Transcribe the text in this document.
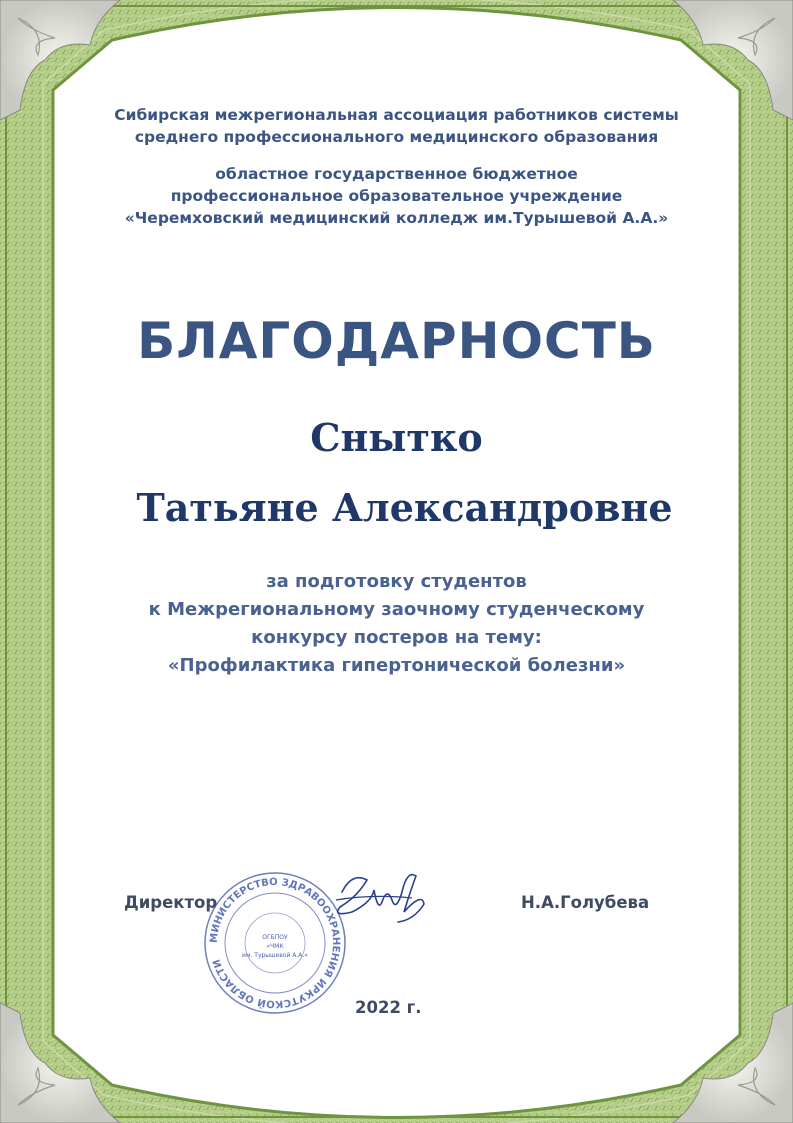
Сибирская межрегиональная ассоциация работников системы
среднего профессионального медицинского образования

областное государственное бюджетное
профессиональное образовательное учреждение
«Черемховский медицинский колледж им.Турышевой А.А.»

БЛАГОДАРНОСТЬ

Снытко

Татьяне Александровне

за подготовку студентов
к Межрегиональному заочному студенческому
конкурсу постеров на тему:
«Профилактика гипертонической болезни»

МИНИСТЕРСТВО ЗДРАВООХРАНЕНИЯ ИРКУТСКОЙ ОБЛАСТИ
ОГБПОУ
«ЧМК
им. Турышевой А.А.»

Директор	Н.А.Голубева

2022 г.
